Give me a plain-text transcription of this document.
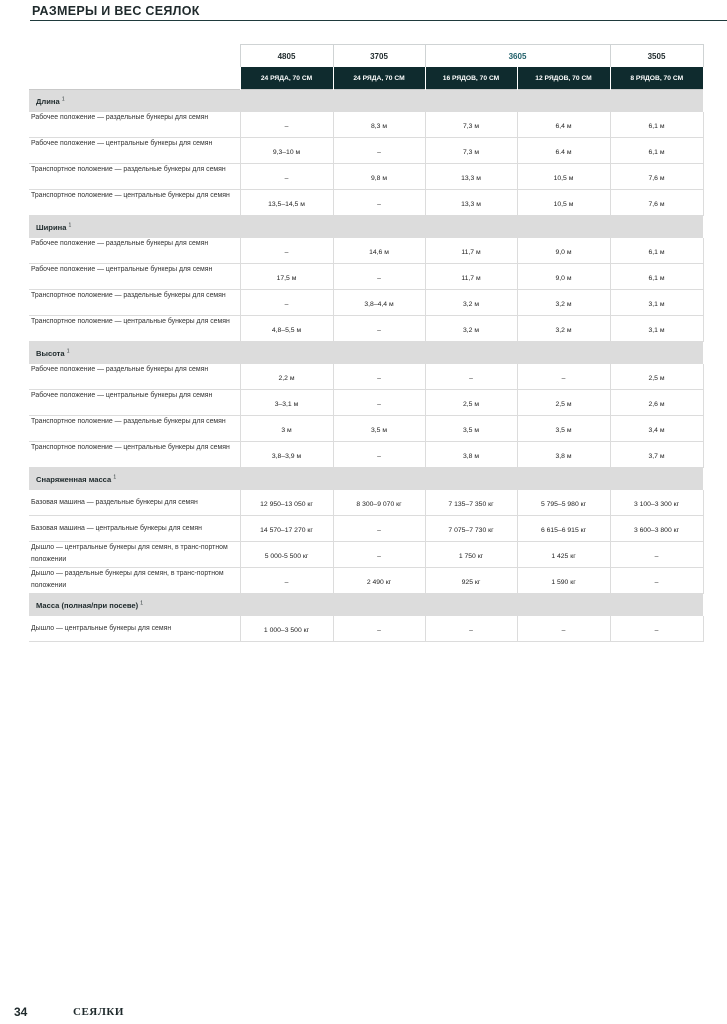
РАЗМЕРЫ И ВЕС СЕЯЛОК
	4805	3705	3605		3505
	24 РЯДА, 70 СМ	24 РЯДА, 70 СМ	16 РЯДОВ, 70 СМ	12 РЯДОВ, 70 СМ	8 РЯДОВ, 70 СМ
Длина $^1$
Рабочее положение — раздельные бункеры для семян	–	8,3 м	7,3 м	6,4 м	6,1 м
Рабочее положение — центральные бункеры для семян	9,3–10 м	–	7,3 м	6.4 м	6,1 м
Транспортное положение — раздельные бункеры для семян	–	9,8 м	13,3 м	10,5 м	7,6 м
Транспортное положение — центральные бункеры для семян	13,5–14,5 м	–	13,3 м	10,5 м	7,6 м
Ширина $^1$
Рабочее положение — раздельные бункеры для семян	–	14,6 м	11,7 м	9,0 м	6,1 м
Рабочее положение — центральные бункеры для семян	17,5 м	–	11,7 м	9,0 м	6,1 м
Транспортное положение — раздельные бункеры для семян	–	3,8–4,4 м	3,2 м	3,2 м	3,1 м
Транспортное положение — центральные бункеры для семян	4,8–5,5 м	–	3,2 м	3,2 м	3,1 м
Высота $^1$
Рабочее положение — раздельные бункеры для семян	2,2 м	–	–	–	2,5 м
Рабочее положение — центральные бункеры для семян	3–3,1 м	–	2,5 м	2,5 м	2,6 м
Транспортное положение — раздельные бункеры для семян	3 м	3,5 м	3,5 м	3,5 м	3,4 м
Транспортное положение — центральные бункеры для семян	3,8–3,9 м	–	3,8 м	3,8 м	3,7 м
Снаряженная масса $^1$
Базовая машина — раздельные бункеры для семян	12 950–13 050 кг	8 300–9 070 кг	7 135–7 350 кг	5 795–5 980 кг	3 100–3 300 кг
Базовая машина — центральные бункеры для семян	14 570–17 270 кг	–	7 075–7 730 кг	6 615–6 915 кг	3 600–3 800 кг
Дышло — центральные бункеры для семян, в транс-портном положении	5 000-5 500 кг	–	1 750 кг	1 425 кг	–
Дышло — раздельные бункеры для семян, в транс-портном положении	–	2 490 кг	925 кг	1 590 кг	–
Масса (полная/при посеве) $^1$
Дышло — центральные бункеры для семян	1 000–3 500 кг	–	–	–	–
34	СЕЯЛКИ
